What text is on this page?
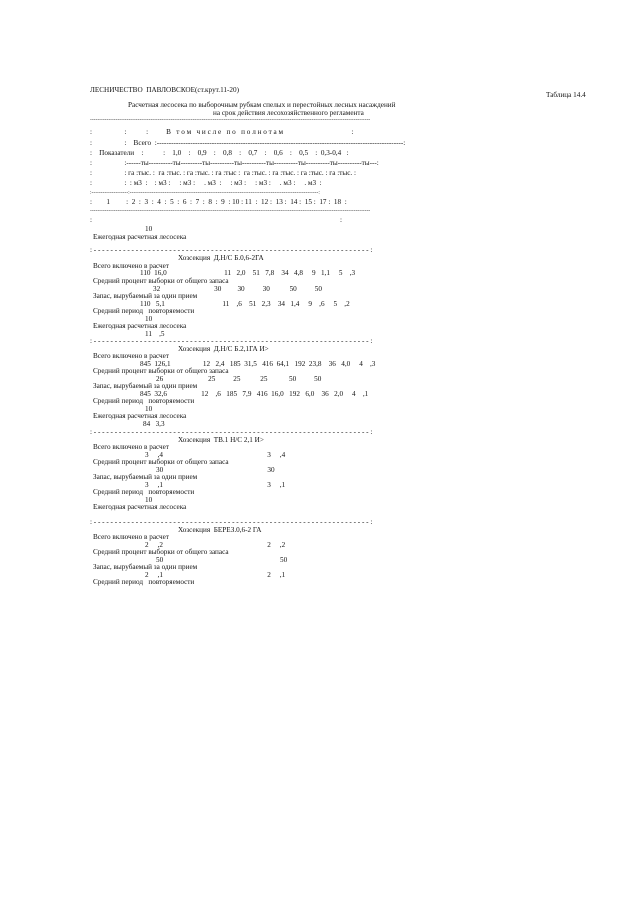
ЛЕСНИЧЕСТВО  ПАВЛОВСКОЕ(ст.кpут.11-20)
Таблица 14.4
Расчетная лесосека по выборочным рубкам спелых и перестойных лесных насаждений
на срок действия лесохозяйственного регламента
---------------------------------------------------------------------------------------------------------------------------------------------------------
:                  :           :          В   т о м   ч и с л е   п о   п о л н о т а м                                      :
:                  :    Всего  :-------------------------------------------------------------------------------------------------------:
:    Показатели    :           :    1,0    :    0,9    :    0,8    :    0,7    :    0,6    :    0,5    :  0,3-0,4   :
:                  :------ты----------ты---------ты----------ты----------ты----------ты----------ты----------ты---:
:                  : га :тыс. :  га :тыс. : га :тыс. : га :тыс :  га :тыс. : га :тыс. : га :тыс. : га :тыс. :
:                  :  : м3  :    : м3 :     : м3 :     . м3  :     : м3 :     : м3 :     . м3 :     . м3  :
:--------------------:-------------------------------------------------------------------------------------------------------:
:        1         :  2  :  3  :  4  :  5  :  6  :  7  :  8  :  9  : 10 : 11  :  12 :  13 :  14 :  15 :  17 :  18  :
---------------------------------------------------------------------------------------------------------------------------------------------------------
:	:
10
Ежегодная расчетная лесосека
: - - - - - - - - - - - - - - - - - - - - - - - - - - - - - - - - - - - - - - - - - - - - - - - - - - - - - - - - - - - - - - - - - - :
Хозсекция  Д.Н/С Б.0,6-2ГА
Всего включено в расчет
110  16,0                                11   2,0    51   7,8    34   4,8     9   1,1     5    ,3
Средний процент выборки от общего запаса
32                              30         30          30           50          50
Запас, вырубаемый за один прием
110   5,1                                11    ,6    51   2,3    34   1,4     9    ,6     5    ,2
Средний период   повторяемости
10
Ежегодная расчетная лесосека
11    ,5
: - - - - - - - - - - - - - - - - - - - - - - - - - - - - - - - - - - - - - - - - - - - - - - - - - - - - - - - - - - - - - - - - - - :
Хозсекция  Д.Н/С Б.2,1ГА И>
Всего включено в расчет
845  126,1                  12   2,4   185  31,5   416  64,1   192  23,8    36   4,0     4    ,3
Средний процент выборки от общего запаса
26                         25          25           25            50          50
Запас, вырубаемый за один прием
845  32,6                   12    ,6   185   7,9   416  16,0   192   6,0    36   2,0     4    ,1
Средний период   повторяемости
10
Ежегодная расчетная лесосека
84   3,3
: - - - - - - - - - - - - - - - - - - - - - - - - - - - - - - - - - - - - - - - - - - - - - - - - - - - - - - - - - - - - - - - - - - :
Хозсекция  ТВ.1 Н/С 2,1 И>
Всего включено в расчет
3     ,4                                                          3     ,4
Средний процент выборки от общего запаса
30                                                          30
Запас, вырубаемый за один прием
3     ,1                                                          3     ,1
Средний период   повторяемости
10
Ежегодная расчетная лесосека
: - - - - - - - - - - - - - - - - - - - - - - - - - - - - - - - - - - - - - - - - - - - - - - - - - - - - - - - - - - - - - - - - - - :
Хозсекция  БЕРЕЗ.0,6-2 ГА
Всего включено в расчет
2     ,2                                                          2     ,2
Средний процент выборки от общего запаса
50                                                                 50
Запас, вырубаемый за один прием
2     ,1                                                          2     ,1
Средний период   повторяемости
